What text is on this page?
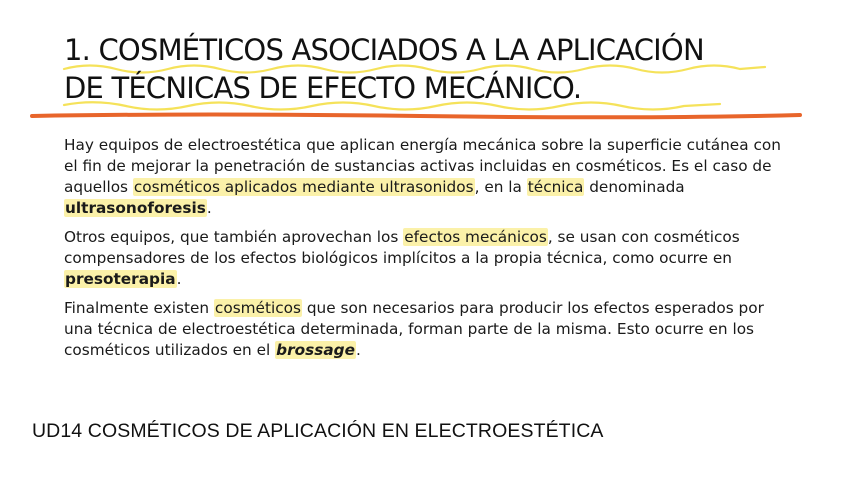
1. COSMÉTICOS ASOCIADOS A LA APLICACIÓN
DE TÉCNICAS DE EFECTO MECÁNICO.

Hay equipos de electroestética que aplican energía mecánica sobre la superficie cutánea con el fin de mejorar la penetración de sustancias activas incluidas en cosméticos. Es el caso de aquellos cosméticos aplicados mediante ultrasonidos, en la técnica denominada ultrasonoforesis.

Otros equipos, que también aprovechan los efectos mecánicos, se usan con cosméticos compensadores de los efectos biológicos implícitos a la propia técnica, como ocurre en presoterapia.

Finalmente existen cosméticos que son necesarios para producir los efectos esperados por una técnica de electroestética determinada, forman parte de la misma. Esto ocurre en los cosméticos utilizados en el brossage.

UD14 COSMÉTICOS DE APLICACIÓN EN ELECTROESTÉTICA
